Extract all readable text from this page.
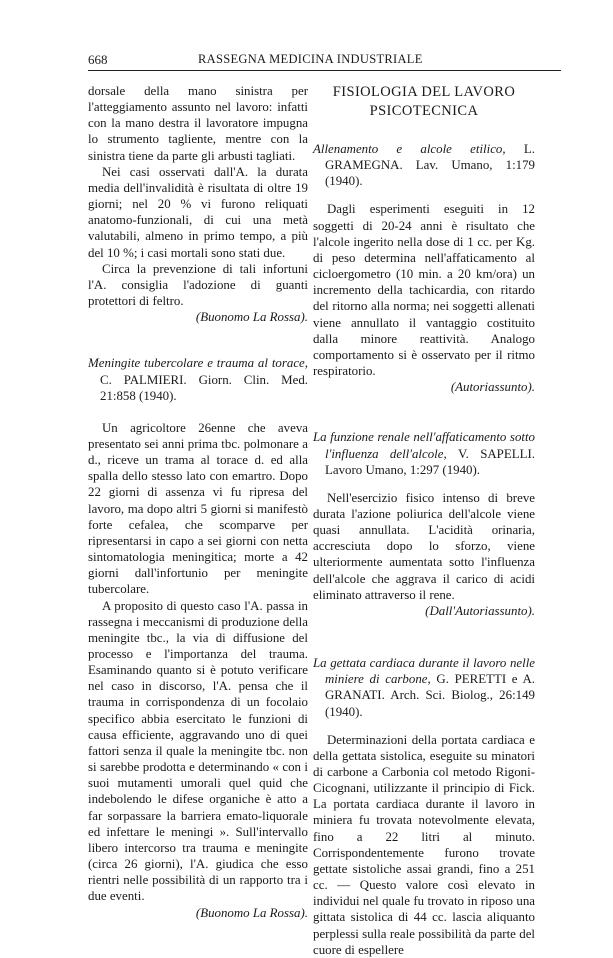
668	RASSEGNA MEDICINA INDUSTRIALE

dorsale della mano sinistra per l'atteggiamento assunto nel lavoro: infatti con la mano destra il lavoratore impugna lo strumento tagliente, mentre con la sinistra tiene da parte gli arbusti tagliati.

Nei casi osservati dall'A. la durata media dell'invalidità è risultata di oltre 19 giorni; nel 20 % vi furono reliquati anatomo-funzionali, di cui una metà valutabili, almeno in primo tempo, a più del 10 %; i casi mortali sono stati due.

Circa la prevenzione di tali infortuni l'A. consiglia l'adozione di guanti protettori di feltro.

(Buonomo La Rossa).

Meningite tubercolare e trauma al torace, C. PALMIERI. Giorn. Clin. Med. 21:858 (1940).

Un agricoltore 26enne che aveva presentato sei anni prima tbc. polmonare a d., riceve un trama al torace d. ed alla spalla dello stesso lato con emartro. Dopo 22 giorni di assenza vi fu ripresa del lavoro, ma dopo altri 5 giorni si manifestò forte cefalea, che scomparve per ripresentarsi in capo a sei giorni con netta sintomatologia meningitica; morte a 42 giorni dall'infortunio per meningite tubercolare.

A proposito di questo caso l'A. passa in rassegna i meccanismi di produzione della meningite tbc., la via di diffusione del processo e l'importanza del trauma. Esaminando quanto si è potuto verificare nel caso in discorso, l'A. pensa che il trauma in corrispondenza di un focolaio specifico abbia esercitato le funzioni di causa efficiente, aggravando uno di quei fattori senza il quale la meningite tbc. non si sarebbe prodotta e determinando « con i suoi mutamenti umorali quel quid che indebolendo le difese organiche è atto a far sorpassare la barriera emato-liquorale ed infettare le meningi ». Sull'intervallo libero intercorso tra trauma e meningite (circa 26 giorni), l'A. giudica che esso rientri nelle possibilità di un rapporto tra i due eventi.

(Buonomo La Rossa).

FISIOLOGIA DEL LAVORO
PSICOTECNICA

Allenamento e alcole etilico, L. GRAMEGNA. Lav. Umano, 1:179 (1940).

Dagli esperimenti eseguiti in 12 soggetti di 20-24 anni è risultato che l'alcole ingerito nella dose di 1 cc. per Kg. di peso determina nell'affaticamento al cicloergometro (10 min. a 20 km/ora) un incremento della tachicardia, con ritardo del ritorno alla norma; nei soggetti allenati viene annullato il vantaggio costituito dalla minore reattività. Analogo comportamento si è osservato per il ritmo respiratorio.

(Autoriassunto).

La funzione renale nell'affaticamento sotto l'influenza dell'alcole, V. SAPELLI. Lavoro Umano, 1:297 (1940).

Nell'esercizio fisico intenso di breve durata l'azione poliurica dell'alcole viene quasi annullata. L'acidità orinaria, accresciuta dopo lo sforzo, viene ulteriormente aumentata sotto l'influenza dell'alcole che aggrava il carico di acidi eliminato attraverso il rene.

(Dall'Autoriassunto).

La gettata cardiaca durante il lavoro nelle miniere di carbone, G. PERETTI e A. GRANATI. Arch. Sci. Biolog., 26:149 (1940).

Determinazioni della portata cardiaca e della gettata sistolica, eseguite su minatori di carbone a Carbonia col metodo Rigoni-Cicognani, utilizzante il principio di Fick. La portata cardiaca durante il lavoro in miniera fu trovata notevolmente elevata, fino a 22 litri al minuto. Corrispondentemente furono trovate gettate sistoliche assai grandi, fino a 251 cc. — Questo valore così elevato in individui nel quale fu trovato in riposo una gittata sistolica di 44 cc. lascia aliquanto perplessi sulla reale possibilità da parte del cuore di espellere
